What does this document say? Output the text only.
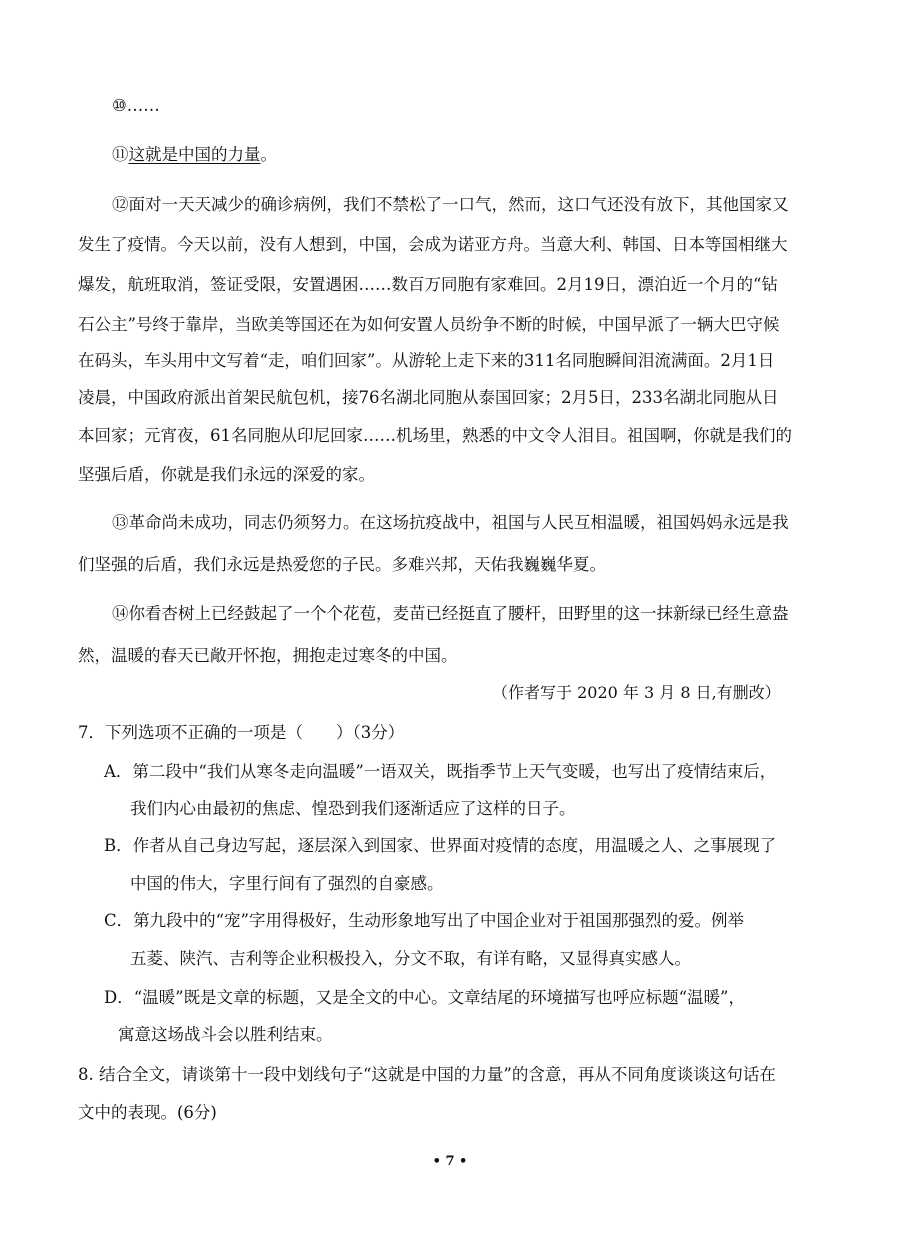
⑩……
⑪这就是中国的力量。
⑫面对一天天减少的确诊病例，我们不禁松了一口气，然而，这口气还没有放下，其他国家又
发生了疫情。今天以前，没有人想到，中国，会成为诺亚方舟。当意大利、韩国、日本等国相继大
爆发，航班取消，签证受限，安置遇困……数百万同胞有家难回。2月19日，漂泊近一个月的“钻
石公主”号终于靠岸，当欧美等国还在为如何安置人员纷争不断的时候，中国早派了一辆大巴守候
在码头，车头用中文写着“走，咱们回家”。从游轮上走下来的311名同胞瞬间泪流满面。2月1日
凌晨，中国政府派出首架民航包机，接76名湖北同胞从泰国回家；2月5日，233名湖北同胞从日
本回家；元宵夜，61名同胞从印尼回家……机场里，熟悉的中文令人泪目。祖国啊，你就是我们的
坚强后盾，你就是我们永远的深爱的家。
⑬革命尚未成功，同志仍须努力。在这场抗疫战中，祖国与人民互相温暖，祖国妈妈永远是我
们坚强的后盾，我们永远是热爱您的子民。多难兴邦，天佑我巍巍华夏。
⑭你看杏树上已经鼓起了一个个花苞，麦苗已经挺直了腰杆，田野里的这一抹新绿已经生意盎
然，温暖的春天已敞开怀抱，拥抱走过寒冬的中国。
（作者写于 2020 年 3 月 8 日,有删改）
7．下列选项不正确的一项是（　　）（3分）
A．第二段中“我们从寒冬走向温暖”一语双关，既指季节上天气变暖，也写出了疫情结束后，
我们内心由最初的焦虑、惶恐到我们逐渐适应了这样的日子。
B．作者从自己身边写起，逐层深入到国家、世界面对疫情的态度，用温暖之人、之事展现了
中国的伟大，字里行间有了强烈的自豪感。
C．第九段中的“宠”字用得极好，生动形象地写出了中国企业对于祖国那强烈的爱。例举
五菱、陕汽、吉利等企业积极投入，分文不取，有详有略，又显得真实感人。
D．“温暖”既是文章的标题，又是全文的中心。文章结尾的环境描写也呼应标题“温暖”，
寓意这场战斗会以胜利结束。
8. 结合全文，请谈第十一段中划线句子“这就是中国的力量”的含意，再从不同角度谈谈这句话在
文中的表现。(6分)
• 7 •
